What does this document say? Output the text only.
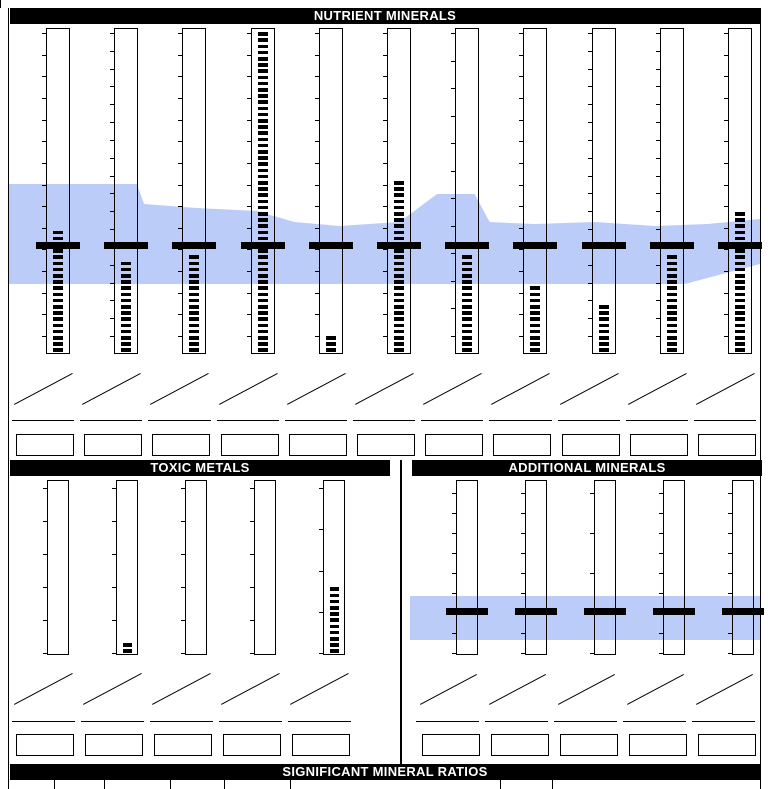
NUTRIENT MINERALS
TOXIC METALS	ADDITIONAL MINERALS
SIGNIFICANT MINERAL RATIOS
